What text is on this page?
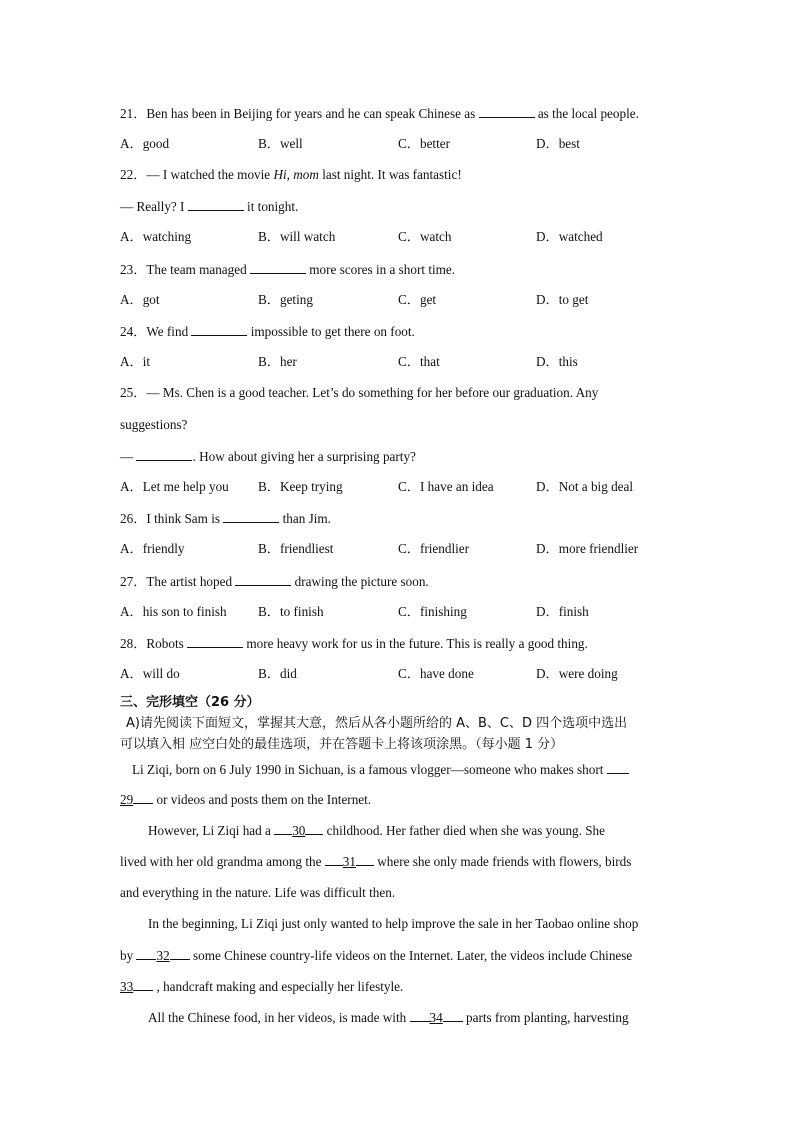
21．Ben has been in Beijing for years and he can speak Chinese as	as the local people.
A．good	B．well	C．better	D．best
22．— I watched the movie Hi, mom last night. It was fantastic!
— Really? I	it tonight.
A．watching	B．will watch	C．watch	D．watched
23．The team managed	more scores in a short time.
A．got	B．geting	C．get	D．to get
24．We find	impossible to get there on foot.
A．it	B．her	C．that	D．this
25．— Ms. Chen is a good teacher. Let’s do something for her before our graduation. Any
suggestions?
—	. How about giving her a surprising party?
A．Let me help you B．Keep trying	C．I have an idea	D．Not a big deal
26．I think Sam is	than Jim.
A．friendly	B．friendliest	C．friendlier	D．more friendlier
27．The artist hoped	drawing the picture soon.
A．his son to finish B．to finish	C．finishing	D．finish
28．Robots	more heavy work for us in the future. This is really a good thing.
A．will do	B．did	C．have done	D．were doing
三、完形填空（26 分）
A)请先阅读下面短文，掌握其大意，然后从各小题所给的 A、B、C、D 四个选项中选出
可以填入相 应空白处的最佳选项，并在答题卡上将该项涂黑。（每小题 1 分）
Li Ziqi, born on 6 July 1990 in Sichuan, is a famous vlogger—someone who makes short
29 or videos and posts them on the Internet.
However, Li Ziqi had a 30 childhood. Her father died when she was young. She
lived with her old grandma among the 31 where she only made friends with flowers, birds
and everything in the nature. Life was difficult then.
In the beginning, Li Ziqi just only wanted to help improve the sale in her Taobao online shop
by 32 some Chinese country-life videos on the Internet. Later, the videos include Chinese
33 , handcraft making and especially her lifestyle.
All the Chinese food, in her videos, is made with 34 parts from planting, harvesting
